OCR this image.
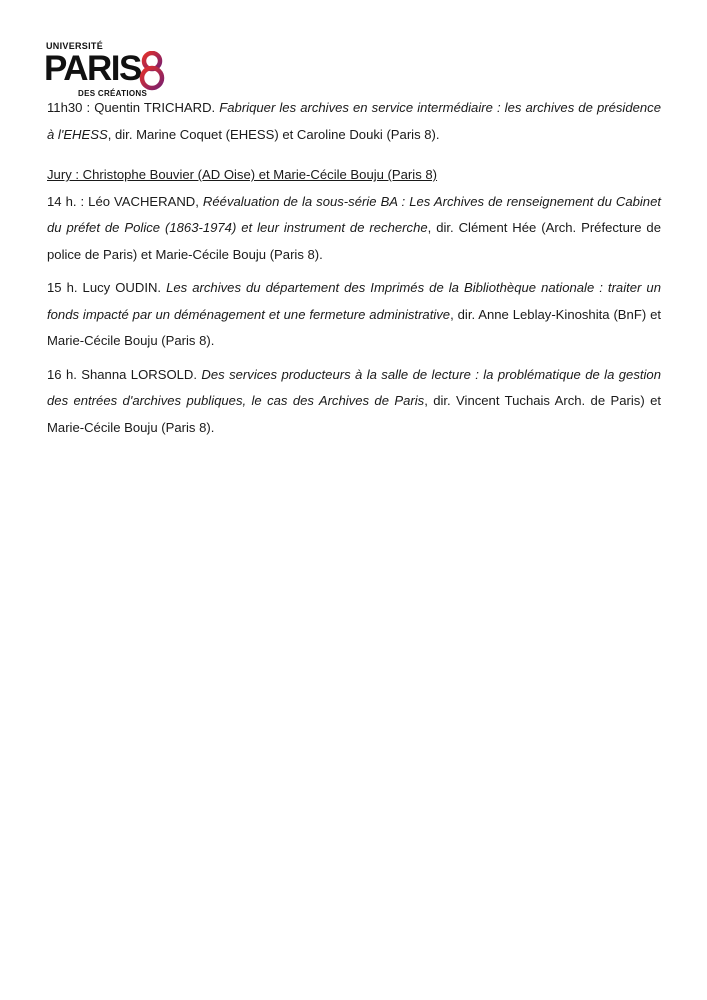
UNIVERSITÉ
PARIS
DES CRÉATIONS

11h30 : Quentin TRICHARD. Fabriquer les archives en service intermédiaire : les archives de présidence à l'EHESS, dir. Marine Coquet (EHESS) et Caroline Douki (Paris 8).

Jury : Christophe Bouvier (AD Oise) et Marie-Cécile Bouju (Paris 8)

14 h. : Léo VACHERAND, Réévaluation de la sous-série BA : Les Archives de renseignement du Cabinet du préfet de Police (1863-1974) et leur instrument de recherche, dir. Clément Hée (Arch. Préfecture de police de Paris) et Marie-Cécile Bouju (Paris 8).

15 h. Lucy OUDIN. Les archives du département des Imprimés de la Bibliothèque nationale : traiter un fonds impacté par un déménagement et une fermeture administrative, dir. Anne Leblay-Kinoshita (BnF) et Marie-Cécile Bouju (Paris 8).

16 h. Shanna LORSOLD. Des services producteurs à la salle de lecture : la problématique de la gestion des entrées d'archives publiques, le cas des Archives de Paris, dir. Vincent Tuchais Arch. de Paris) et Marie-Cécile Bouju (Paris 8).
